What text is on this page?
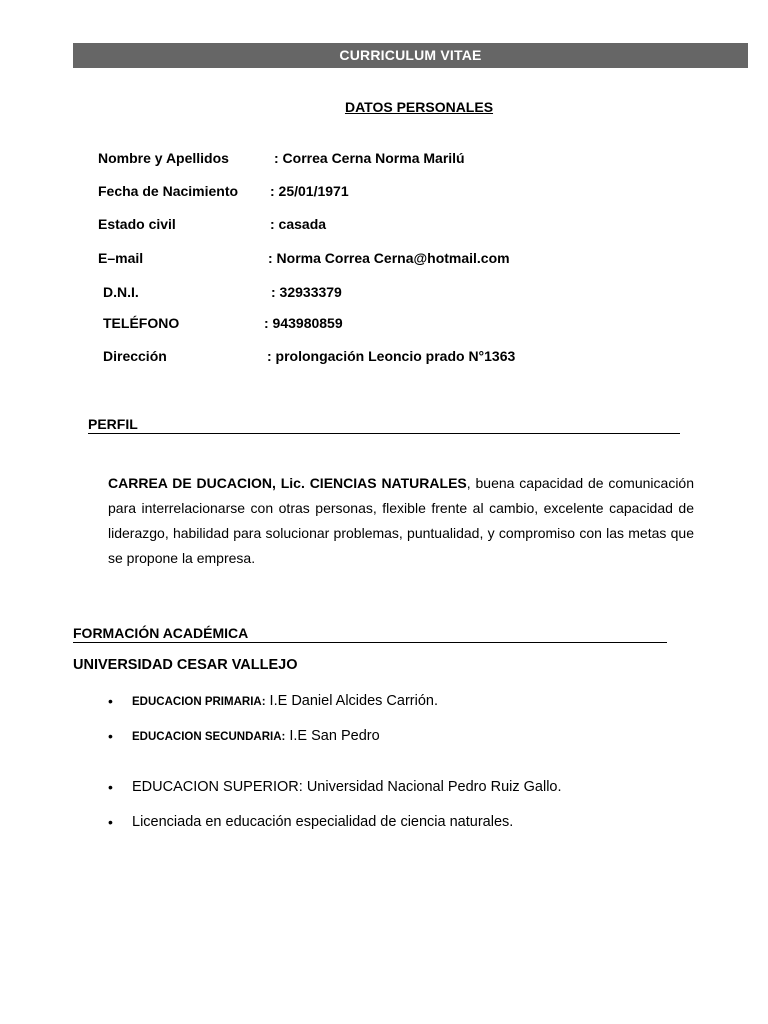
CURRICULUM VITAE
DATOS PERSONALES
Nombre y Apellidos	: Correa Cerna Norma Marilú
Fecha de Nacimiento : 25/01/1971
Estado civil	: casada
E–mail	: Norma Correa Cerna@hotmail.com
D.N.I.	: 32933379
TELÉFONO	: 943980859
Dirección	: prolongación Leoncio prado N°1363
PERFIL
CARREA DE DUCACION, Lic. CIENCIAS NATURALES, buena capacidad de comunicación para interrelacionarse con otras personas, flexible frente al cambio, excelente capacidad de liderazgo, habilidad para solucionar problemas, puntualidad, y compromiso con las metas que se propone la empresa.
FORMACIÓN ACADÉMICA
UNIVERSIDAD CESAR VALLEJO
• EDUCACION PRIMARIA: I.E Daniel Alcides Carrión.
• EDUCACION SECUNDARIA: I.E San Pedro
• EDUCACION SUPERIOR: Universidad Nacional Pedro Ruiz Gallo.
• Licenciada en educación especialidad de ciencia naturales.
